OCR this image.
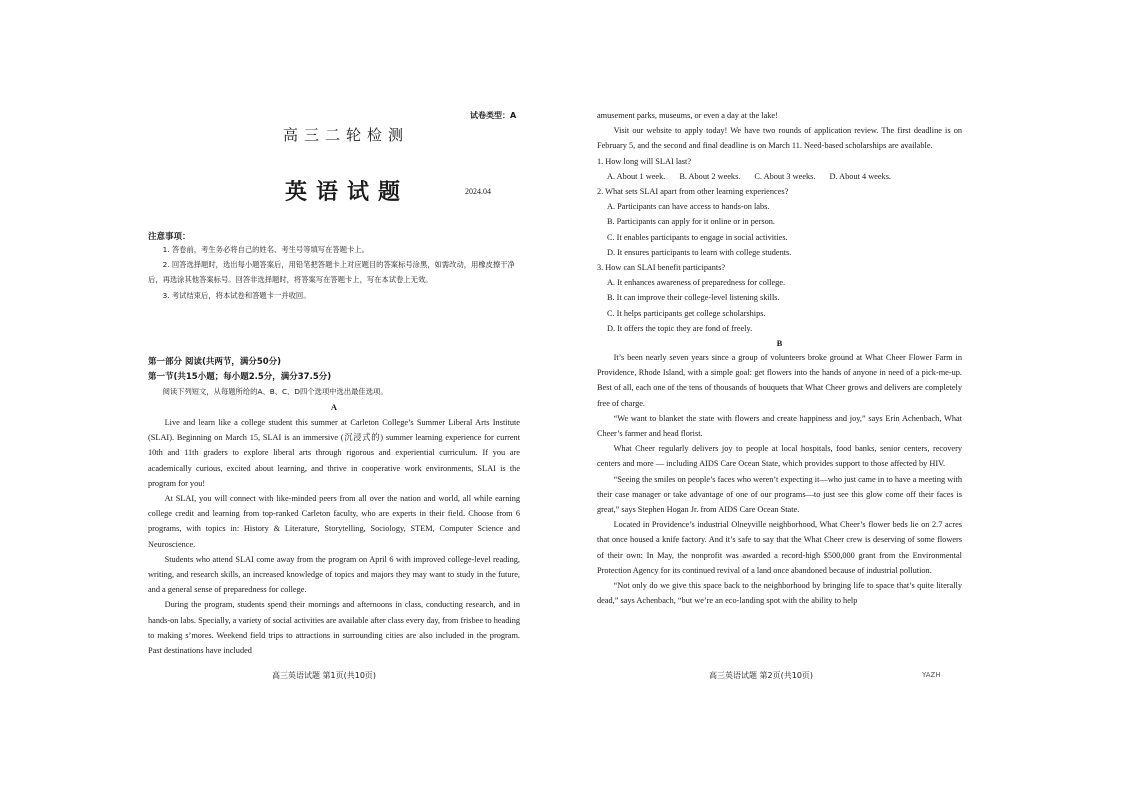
试卷类型：A
高三二轮检测
英语试题	2024.04
注意事项：
1. 答卷前，考生务必将自己的姓名、考生号等填写在答题卡上。
2. 回答选择题时，选出每小题答案后，用铅笔把答题卡上对应题目的答案标号涂黑，如需改动，用橡皮擦干净后，再选涂其他答案标号。回答非选择题时，将答案写在答题卡上，写在本试卷上无效。
3. 考试结束后，将本试卷和答题卡一并收回。
第一部分 阅读(共两节，满分50分)
第一节(共15小题；每小题2.5分，满分37.5分)
阅读下列短文，从每题所给的A、B、C、D四个选项中选出最佳选项。
A
Live and learn like a college student this summer at Carleton College’s Summer Liberal Arts Institute (SLAI). Beginning on March 15, SLAI is an immersive (沉浸式的) summer learning experience for current 10th and 11th graders to explore liberal arts through rigorous and experiential curriculum. If you are academically curious, excited about learning, and thrive in cooperative work environments, SLAI is the program for you!
At SLAI, you will connect with like-minded peers from all over the nation and world, all while earning college credit and learning from top-ranked Carleton faculty, who are experts in their field. Choose from 6 programs, with topics in: History & Literature, Storytelling, Sociology, STEM, Computer Science and Neuroscience.
Students who attend SLAI come away from the program on April 6 with improved college-level reading, writing, and research skills, an increased knowledge of topics and majors they may want to study in the future, and a general sense of preparedness for college.
During the program, students spend their mornings and afternoons in class, conducting research, and in hands-on labs. Specially, a variety of social activities are available after class every day, from frisbee to heading to making s’mores. Weekend field trips to attractions in surrounding cities are also included in the program. Past destinations have included
高三英语试题 第1页(共10页)
amusement parks, museums, or even a day at the lake!
Visit our website to apply today! We have two rounds of application review. The first deadline is on February 5, and the second and final deadline is on March 11. Need-based scholarships are available.
1. How long will SLAI last?
A. About 1 week. B. About 2 weeks. C. About 3 weeks. D. About 4 weeks.
2. What sets SLAI apart from other learning experiences?
A. Participants can have access to hands-on labs.
B. Participants can apply for it online or in person.
C. It enables participants to engage in social activities.
D. It ensures participants to learn with college students.
3. How can SLAI benefit participants?
A. It enhances awareness of preparedness for college.
B. It can improve their college-level listening skills.
C. It helps participants get college scholarships.
D. It offers the topic they are fond of freely.
B
It’s been nearly seven years since a group of volunteers broke ground at What Cheer Flower Farm in Providence, Rhode Island, with a simple goal: get flowers into the hands of anyone in need of a pick-me-up. Best of all, each one of the tens of thousands of bouquets that What Cheer grows and delivers are completely free of charge.
“We want to blanket the state with flowers and create happiness and joy,” says Erin Achenbach, What Cheer’s farmer and head florist.
What Cheer regularly delivers joy to people at local hospitals, food banks, senior centers, recovery centers and more — including AIDS Care Ocean State, which provides support to those affected by HIV.
“Seeing the smiles on people’s faces who weren’t expecting it—who just came in to have a meeting with their case manager or take advantage of one of our programs—to just see this glow come off their faces is great,” says Stephen Hogan Jr. from AIDS Care Ocean State.
Located in Providence’s industrial Olneyville neighborhood, What Cheer’s flower beds lie on 2.7 acres that once housed a knife factory. And it’s safe to say that the What Cheer crew is deserving of some flowers of their own: In May, the nonprofit was awarded a record-high $500,000 grant from the Environmental Protection Agency for its continued revival of a land once abandoned because of industrial pollution.
“Not only do we give this space back to the neighborhood by bringing life to space that’s quite literally dead,” says Achenbach, “but we’re an eco-landing spot with the ability to help
高三英语试题 第2页(共10页)	YAZH
